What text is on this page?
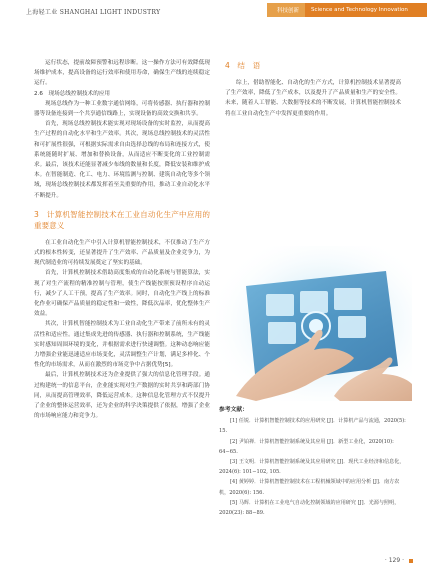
上海轻工业 SHANGHAI LIGHT INDUSTRY	科技创新	Science and Technology Innovation

运行状态，提前故障预警和远程诊断。这一操作方法可有效降低现场维护成本，提高设备的运行效率和使用寿命，确保生产线的连续稳定运行。

2.6　现场总线控制技术的应用

现场总线作为一种工业数字通信网络，可将传感器、执行器和控制器等设备连接到一个共享通信线路上，实现设备的高效交换和共享。

首先，现场总线控制技术能实现对现场设备的实时监控，从而提高生产过程的自动化水平和生产效率。其次，现场总线控制技术的灵活性和可扩展性很强，可根据实际需求自由选择总线的布局和连接方式，使系统能随时扩展、增加和替换设备，从而适应不断变化的工业控制需求。最后，该技术还能显著减少布线的数量和长度，降低安装和维护成本。在智能制造、化工、电力、环境监测与控制、建筑自动化等多个领域，现场总线控制技术都发挥着至关重要的作用，推动工业自动化水平不断提升。

3　计算机智能控制技术在工业自动化生产中应用的重要意义

在工业自动化生产中引入计算机智能控制技术，不仅推动了生产方式的根本性转变，还显著提升了生产效率、产品质量及企业竞争力，为现代制造业的可持续发展奠定了坚实的基础。

首先，计算机控制技术借助高度集成的自动化系统与智能算法，实现了对生产流程的精准控制与管理，使生产线能按照预设程序自动运行，减少了人工干预，提高了生产效率。同时，自动化生产线上的标准化作业可确保产品质量的稳定性和一致性，降低次品率，优化整体生产效益。

其次，计算机智能控制技术为工业自动化生产带来了前所未有的灵活性和适应性。通过集成先进的传感器、执行器和控制系统，生产线能实时感知周围环境的变化，并根据需求进行快速调整。这种动态响应能力增强企业能迅速适应市场变化，灵活调整生产计划，满足多样化、个性化的市场需求，从而在激烈的市场竞争中占据优势[5]。

最后，计算机控制技术还为企业提供了强大的信息化管理手段。通过构建统一的信息平台，企业能实现对生产数据的实时共享和跨部门协同，从而提高管理效率，降低运营成本。这种信息化管理方式不仅提升了企业的整体运营效率，还为企业的科学决策提供了依据，增强了企业的市场响应能力和竞争力。

4　结　语

综上，借助智能化、自动化的生产方式，计算机控制技术显著提高了生产效率，降低了生产成本，以及提升了产品质量和生产的安全性。未来，随着人工智能、大数据等技术的不断发展，计算机智能控制技术将在工业自动化生产中发挥更重要的作用。

参考文献：

[1] 任锐．计算机智能控制技术的应用研究 [J]．计算机产品与流通，2020(5): 15.

[2] 尹铂禅．计算机智能控制系统及其应用 [J]．新型工业化，2020(10): 64−65.

[3] 王文明．计算机智能控制系统及其应用研究 [J]．现代工业经济和信息化，2024(6): 101−102, 105.

[4] 黄婷婷．计算机智能控制技术在工程机械领域中的应用分析 [J]．南方农机，2020(6): 156.

[5] 马辉．计算机在工业电气自动化控制领域的应用研究 [J]．光源与照明，2020(23): 88−89.

· 129 ·
